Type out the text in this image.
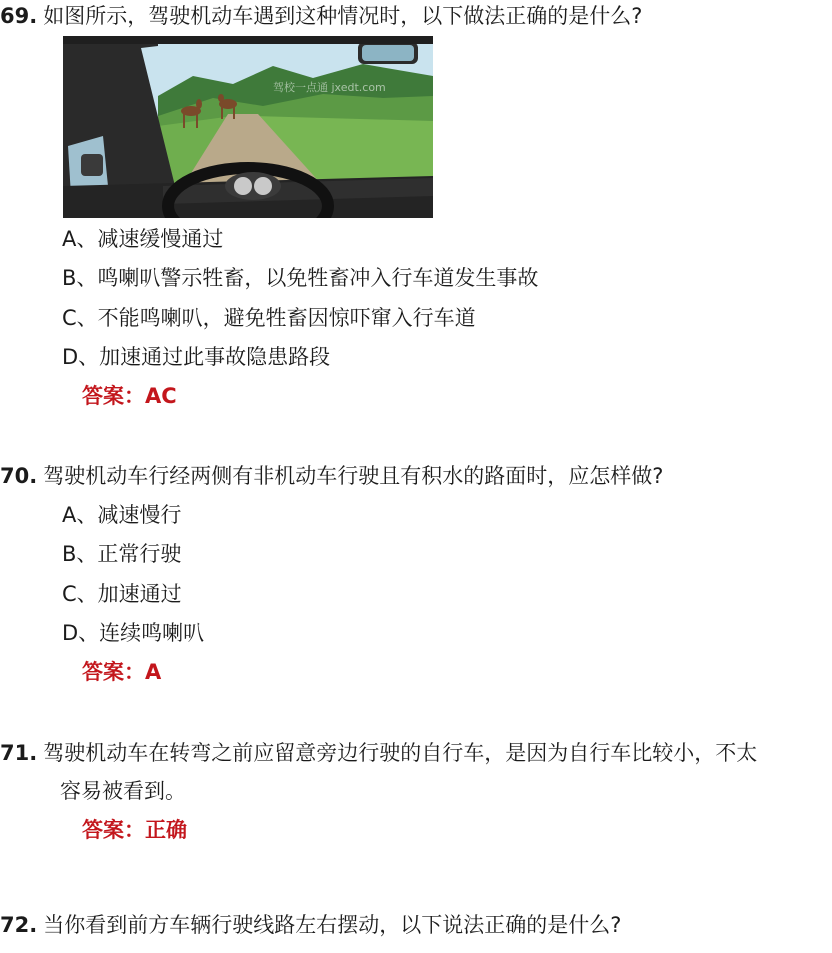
69. 如图所示，驾驶机动车遇到这种情况时，以下做法正确的是什么?
驾校一点通 jxedt.com
A、减速缓慢通过
B、鸣喇叭警示牲畜，以免牲畜冲入行车道发生事故
C、不能鸣喇叭，避免牲畜因惊吓窜入行车道
D、加速通过此事故隐患路段
答案：AC
70. 驾驶机动车行经两侧有非机动车行驶且有积水的路面时，应怎样做?
A、减速慢行
B、正常行驶
C、加速通过
D、连续鸣喇叭
答案：A
71. 驾驶机动车在转弯之前应留意旁边行驶的自行车，是因为自行车比较小，不太
容易被看到。
答案：正确
72. 当你看到前方车辆行驶线路左右摆动，以下说法正确的是什么?
